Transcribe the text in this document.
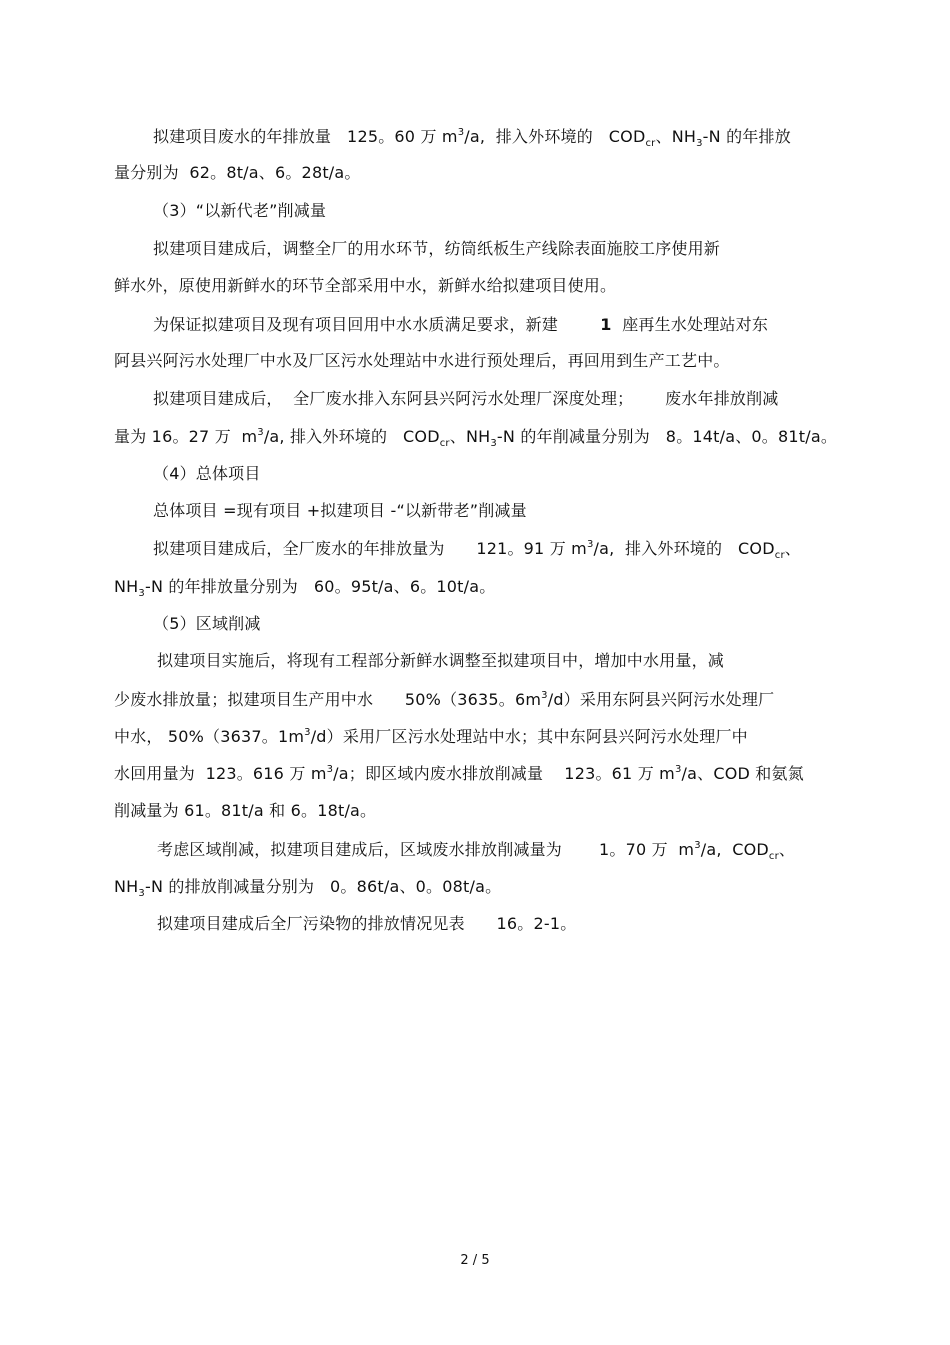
拟建项目废水的年排放量   125。60 万 $m^3/a$,  排入外环境的   $COD_{cr}$、$NH_3-N$ 的年排放
量分别为  62。8t/a、6。28t/a。
（3）“以新代老”削减量
拟建项目建成后，调整全厂的用水环节，纺筒纸板生产线除表面施胶工序使用新
鲜水外，原使用新鲜水的环节全部采用中水，新鲜水给拟建项目使用。
为保证拟建项目及现有项目回用中水水质满足要求，新建        1  座再生水处理站对东
阿县兴阿污水处理厂中水及厂区污水处理站中水进行预处理后，再回用到生产工艺中。
拟建项目建成后，  全厂废水排入东阿县兴阿污水处理厂深度处理；      废水年排放削减
量为 16。27 万  $m^3/a$, 排入外环境的   $COD_{cr}$、$NH_3-N$ 的年削减量分别为   8。14t/a、0。81t/a。
（4）总体项目
总体项目 =现有项目 +拟建项目 -“以新带老”削减量
拟建项目建成后，全厂废水的年排放量为      121。91 万 $m^3/a$,  排入外环境的   $COD_{cr}$、
$NH_3-N$ 的年排放量分别为   60。95t/a、6。10t/a。
（5）区域削减
拟建项目实施后，将现有工程部分新鲜水调整至拟建项目中，增加中水用量，减
少废水排放量；拟建项目生产用中水      50%（3635。$6m^3/d$）采用东阿县兴阿污水处理厂
中水， 50%（3637。$1m^3/d$）采用厂区污水处理站中水；其中东阿县兴阿污水处理厂中
水回用量为  123。616 万 $m^3/a$；即区域内废水排放削减量    123。61 万 $m^3/a$、COD 和氨氮
削减量为 61。81t/a 和 6。18t/a。
考虑区域削减，拟建项目建成后，区域废水排放削减量为       1。70 万  $m^3/a$,  $COD_{cr}$、
$NH_3-N$ 的排放削减量分别为   0。86t/a、0。08t/a。
拟建项目建成后全厂污染物的排放情况见表      16。2-1。
2 / 5
